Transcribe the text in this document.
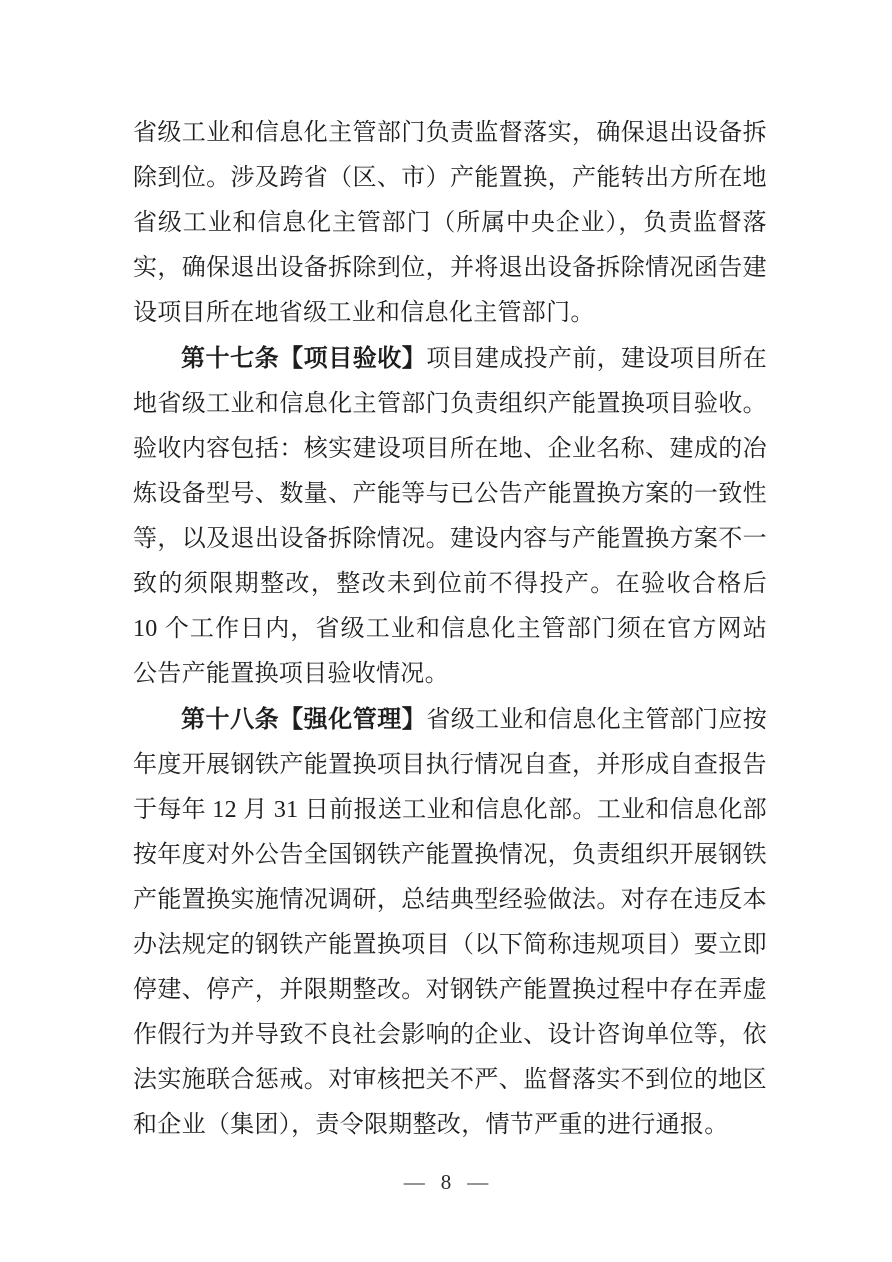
省级工业和信息化主管部门负责监督落实，确保退出设备拆除到位。涉及跨省（区、市）产能置换，产能转出方所在地省级工业和信息化主管部门（所属中央企业），负责监督落实，确保退出设备拆除到位，并将退出设备拆除情况函告建设项目所在地省级工业和信息化主管部门。
第十七条【项目验收】项目建成投产前，建设项目所在地省级工业和信息化主管部门负责组织产能置换项目验收。验收内容包括：核实建设项目所在地、企业名称、建成的冶炼设备型号、数量、产能等与已公告产能置换方案的一致性等，以及退出设备拆除情况。建设内容与产能置换方案不一致的须限期整改，整改未到位前不得投产。在验收合格后 10 个工作日内，省级工业和信息化主管部门须在官方网站公告产能置换项目验收情况。
第十八条【强化管理】省级工业和信息化主管部门应按年度开展钢铁产能置换项目执行情况自查，并形成自查报告于每年 12 月 31 日前报送工业和信息化部。工业和信息化部按年度对外公告全国钢铁产能置换情况，负责组织开展钢铁产能置换实施情况调研，总结典型经验做法。对存在违反本办法规定的钢铁产能置换项目（以下简称违规项目）要立即停建、停产，并限期整改。对钢铁产能置换过程中存在弄虚作假行为并导致不良社会影响的企业、设计咨询单位等，依法实施联合惩戒。对审核把关不严、监督落实不到位的地区和企业（集团），责令限期整改，情节严重的进行通报。
— 8 —
